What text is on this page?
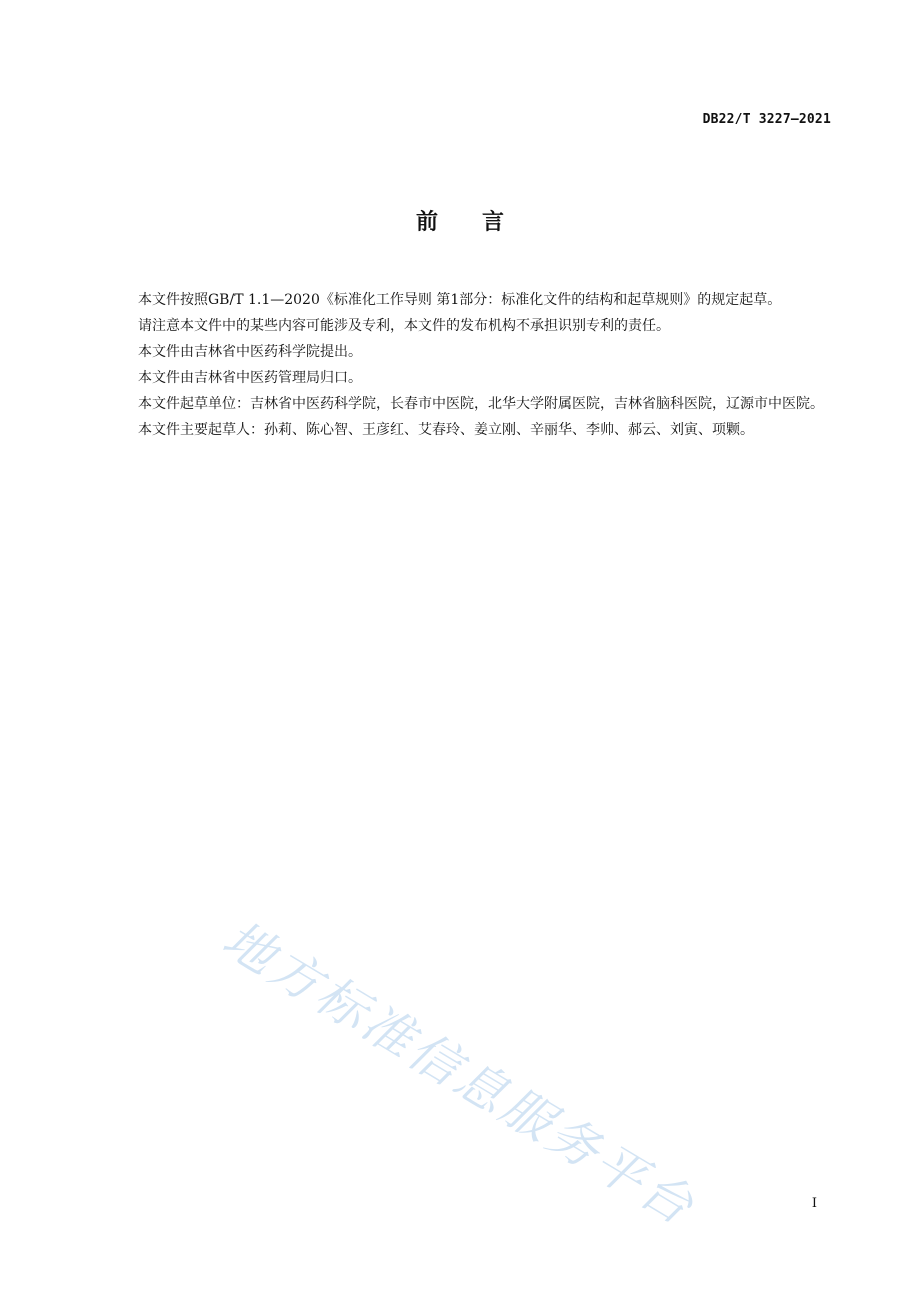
DB22/T 3227—2021
前言

本文件按照GB/T 1.1—2020《标准化工作导则 第1部分：标准化文件的结构和起草规则》的规定起草。

请注意本文件中的某些内容可能涉及专利，本文件的发布机构不承担识别专利的责任。

本文件由吉林省中医药科学院提出。

本文件由吉林省中医药管理局归口。

本文件起草单位：吉林省中医药科学院，长春市中医院，北华大学附属医院，吉林省脑科医院，辽源市中医院。

本文件主要起草人：孙莉、陈心智、王彦红、艾春玲、姜立刚、辛丽华、李帅、郝云、刘寅、项颗。

地方标准信息服务平台	I
